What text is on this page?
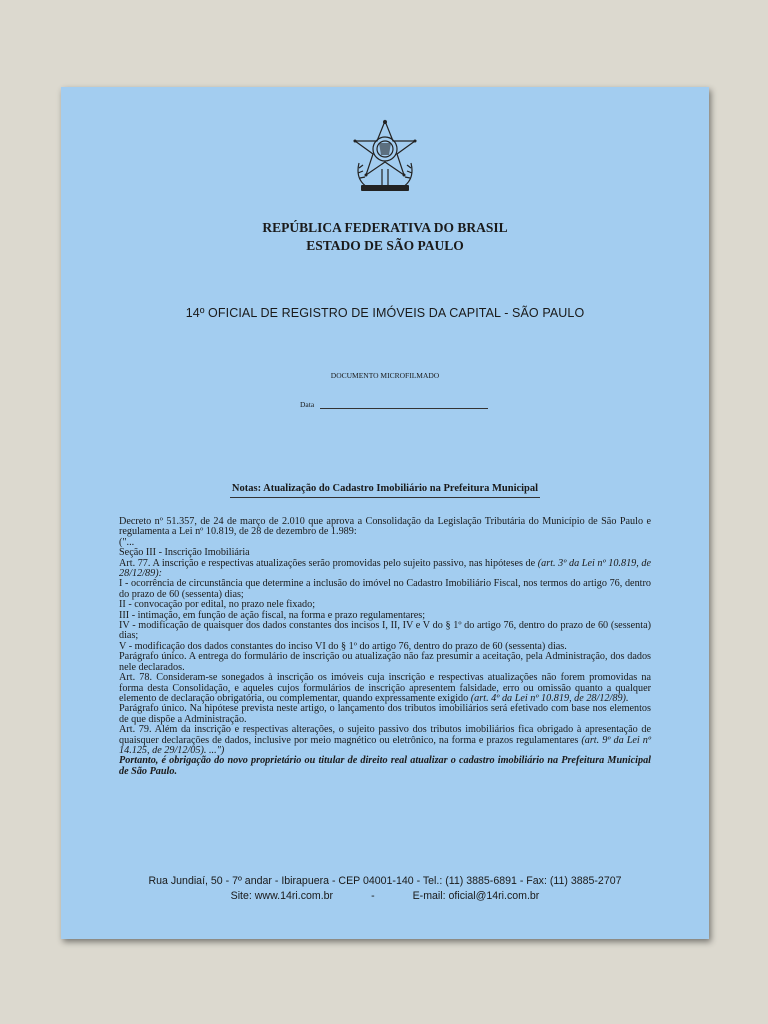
REPÚBLICA FEDERATIVA DO BRASIL
ESTADO DE SÃO PAULO
14º OFICIAL DE REGISTRO DE IMÓVEIS DA CAPITAL - SÃO PAULO
DOCUMENTO MICROFILMADO
Data
Notas: Atualização do Cadastro Imobiliário na Prefeitura Municipal

Decreto nº 51.357, de 24 de março de 2.010 que aprova a Consolidação da Legislação Tributária do Município de São Paulo e regulamenta a Lei nº 10.819, de 28 de dezembro de 1.989:

("...

Seção III - Inscrição Imobiliária

Art. 77. A inscrição e respectivas atualizações serão promovidas pelo sujeito passivo, nas hipóteses de (art. 3º da Lei nº 10.819, de 28/12/89):

I - ocorrência de circunstância que determine a inclusão do imóvel no Cadastro Imobiliário Fiscal, nos termos do artigo 76, dentro do prazo de 60 (sessenta) dias;

II - convocação por edital, no prazo nele fixado;

III - intimação, em função de ação fiscal, na forma e prazo regulamentares;

IV - modificação de quaisquer dos dados constantes dos incisos I, II, IV e V do § 1º do artigo 76, dentro do prazo de 60 (sessenta) dias;

V - modificação dos dados constantes do inciso VI do § 1º do artigo 76, dentro do prazo de 60 (sessenta) dias.

Parágrafo único. A entrega do formulário de inscrição ou atualização não faz presumir a aceitação, pela Administração, dos dados nele declarados.

Art. 78. Consideram-se sonegados à inscrição os imóveis cuja inscrição e respectivas atualizações não forem promovidas na forma desta Consolidação, e aqueles cujos formulários de inscrição apresentem falsidade, erro ou omissão quanto a qualquer elemento de declaração obrigatória, ou complementar, quando expressamente exigido (art. 4º da Lei nº 10.819, de 28/12/89).

Parágrafo único. Na hipótese prevista neste artigo, o lançamento dos tributos imobiliários será efetivado com base nos elementos de que dispõe a Administração.

Art. 79. Além da inscrição e respectivas alterações, o sujeito passivo dos tributos imobiliários fica obrigado à apresentação de quaisquer declarações de dados, inclusive por meio magnético ou eletrônico, na forma e prazos regulamentares (art. 9º da Lei nº 14.125, de 29/12/05). ...")

Portanto, é obrigação do novo proprietário ou titular de direito real atualizar o cadastro imobiliário na Prefeitura Municipal de São Paulo.

Rua Jundiaí, 50 - 7º andar - Ibirapuera - CEP 04001-140 - Tel.: (11) 3885-6891 - Fax: (11) 3885-2707
Site: www.14ri.com.br	-	E-mail: oficial@14ri.com.br
